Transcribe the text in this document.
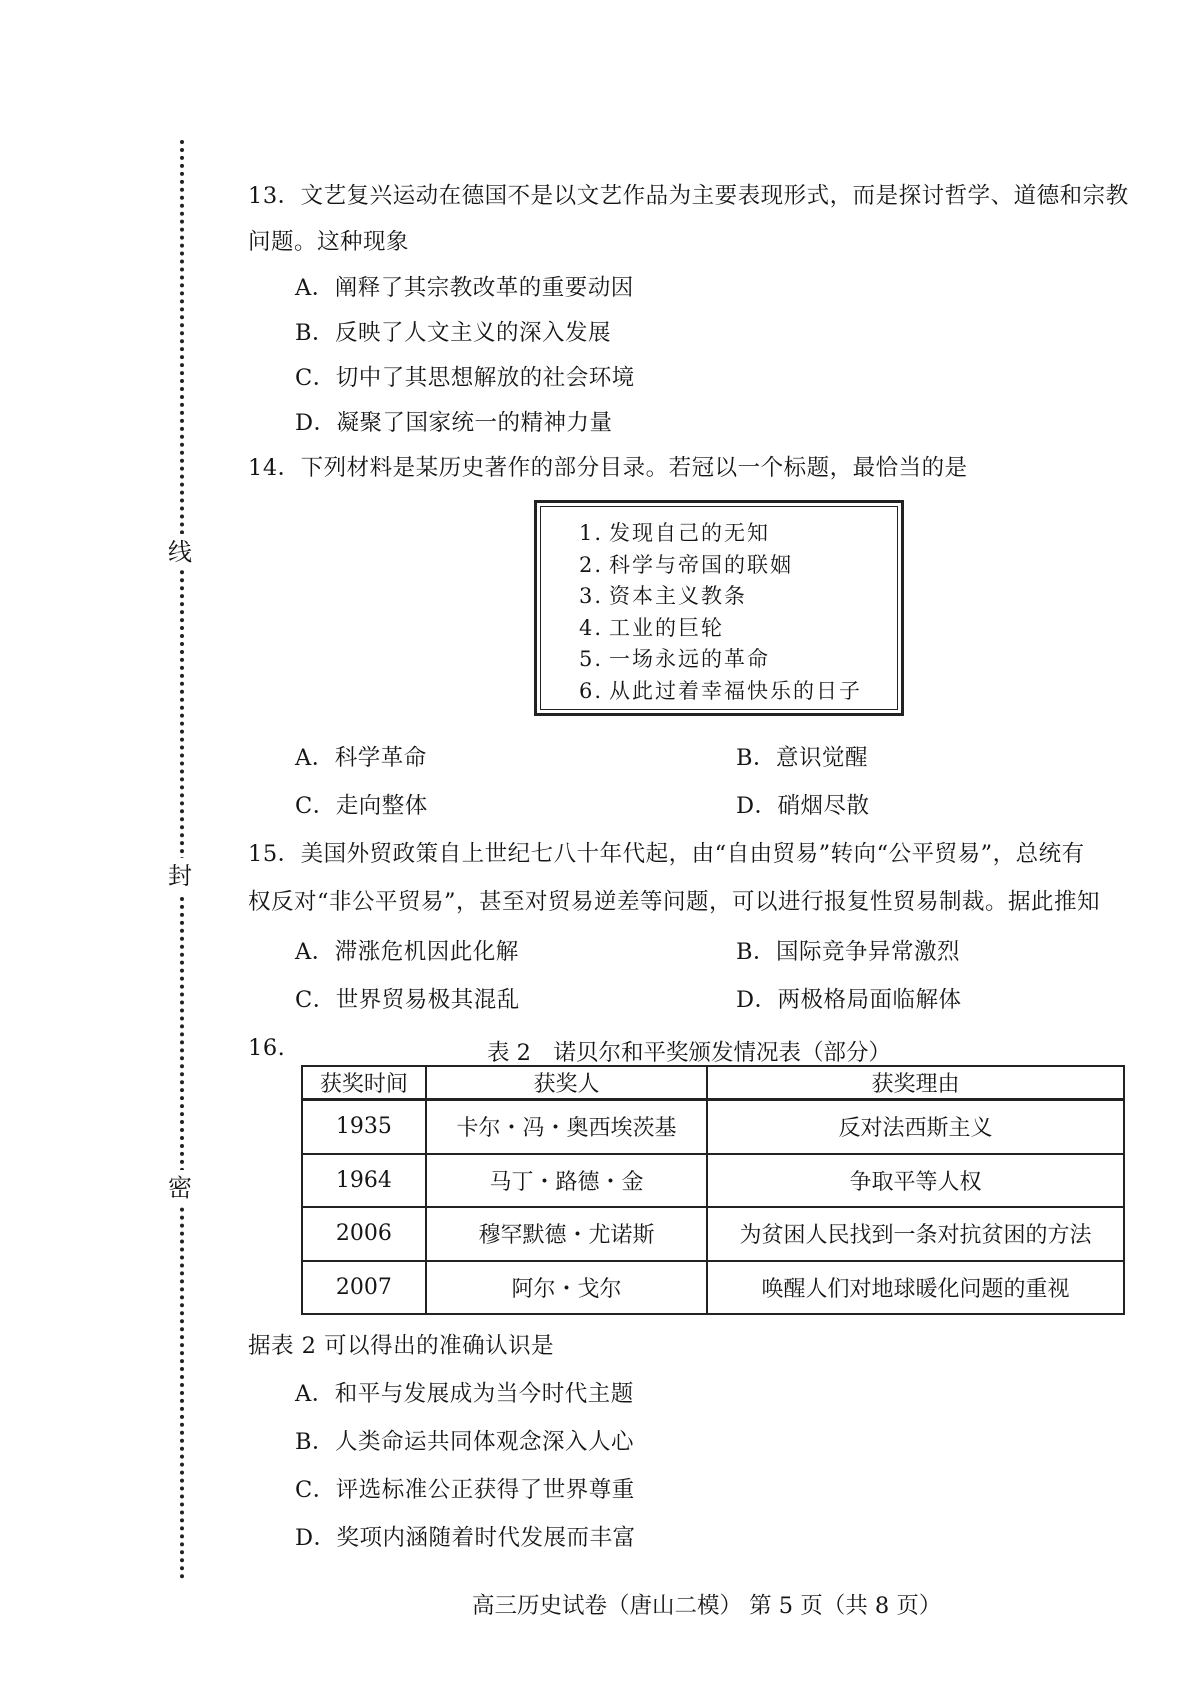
线
封
密
13．文艺复兴运动在德国不是以文艺作品为主要表现形式，而是探讨哲学、道德和宗教
问题。这种现象
A．阐释了其宗教改革的重要动因
B．反映了人文主义的深入发展
C．切中了其思想解放的社会环境
D．凝聚了国家统一的精神力量
14．下列材料是某历史著作的部分目录。若冠以一个标题，最恰当的是
1. 发现自己的无知
2. 科学与帝国的联姻
3. 资本主义教条
4. 工业的巨轮
5. 一场永远的革命
6. 从此过着幸福快乐的日子
A．科学革命	B．意识觉醒
C．走向整体	D．硝烟尽散
15．美国外贸政策自上世纪七八十年代起，由“自由贸易”转向“公平贸易”，总统有
权反对“非公平贸易”，甚至对贸易逆差等问题，可以进行报复性贸易制裁。据此推知
A．滞涨危机因此化解	B．国际竞争异常激烈
C．世界贸易极其混乱	D．两极格局面临解体
16.	表 2　诺贝尔和平奖颁发情况表（部分）
获奖时间	获奖人	获奖理由
1935	卡尔・冯・奥西埃茨基	反对法西斯主义
1964	马丁・路德・金	争取平等人权
2006	穆罕默德・尤诺斯	为贫困人民找到一条对抗贫困的方法
2007	阿尔・戈尔	唤醒人们对地球暖化问题的重视
据表 2 可以得出的准确认识是
A．和平与发展成为当今时代主题
B．人类命运共同体观念深入人心
C．评选标准公正获得了世界尊重
D．奖项内涵随着时代发展而丰富
高三历史试卷（唐山二模） 第 5 页（共 8 页）
